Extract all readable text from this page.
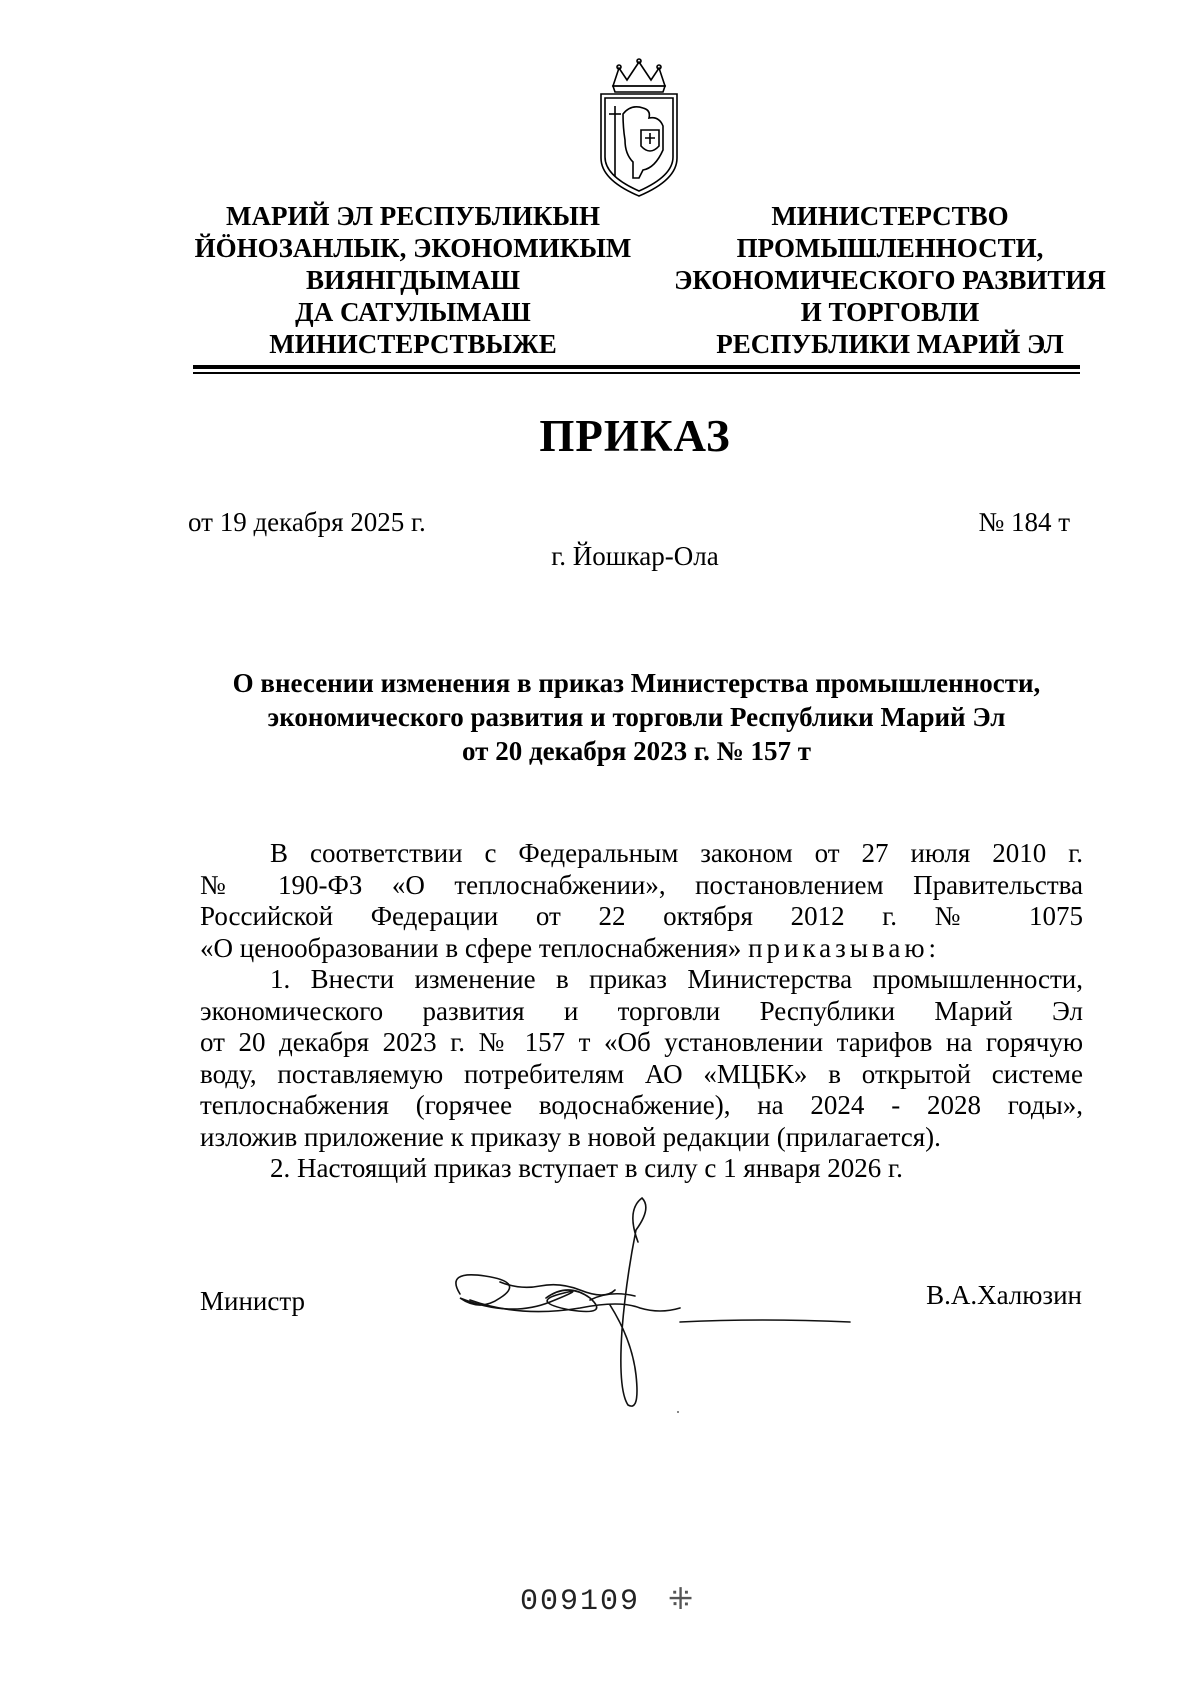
МАРИЙ ЭЛ РЕСПУБЛИКЫН
ЙӦНОЗАНЛЫК, ЭКОНОМИКЫМ
ВИЯНГДЫМАШ
ДА САТУЛЫМАШ
МИНИСТЕРСТВЫЖЕ
МИНИСТЕРСТВО
ПРОМЫШЛЕННОСТИ,
ЭКОНОМИЧЕСКОГО РАЗВИТИЯ
И ТОРГОВЛИ
РЕСПУБЛИКИ МАРИЙ ЭЛ
ПРИКАЗ
от 19 декабря 2025 г.	№ 184 т
г. Йошкар-Ола
О внесении изменения в приказ Министерства промышленности,
экономического развития и торговли Республики Марий Эл
от 20 декабря 2023 г. № 157 т
В соответствии с Федеральным законом от 27 июля 2010 г.
№ 190-ФЗ «О теплоснабжении», постановлением Правительства
Российской Федерации от 22 октября 2012 г. № 1075
«О ценообразовании в сфере теплоснабжения» приказываю:
1. Внести изменение в приказ Министерства промышленности,
экономического развития и торговли Республики Марий Эл
от 20 декабря 2023 г. № 157 т «Об установлении тарифов на горячую
воду, поставляемую потребителям АО «МЦБК» в открытой системе
теплоснабжения (горячее водоснабжение), на 2024 - 2028 годы»,
изложив приложение к приказу в новой редакции (прилагается).
2. Настоящий приказ вступает в силу с 1 января 2026 г.
Министр	В.А.Халюзин
009109 ⁜
